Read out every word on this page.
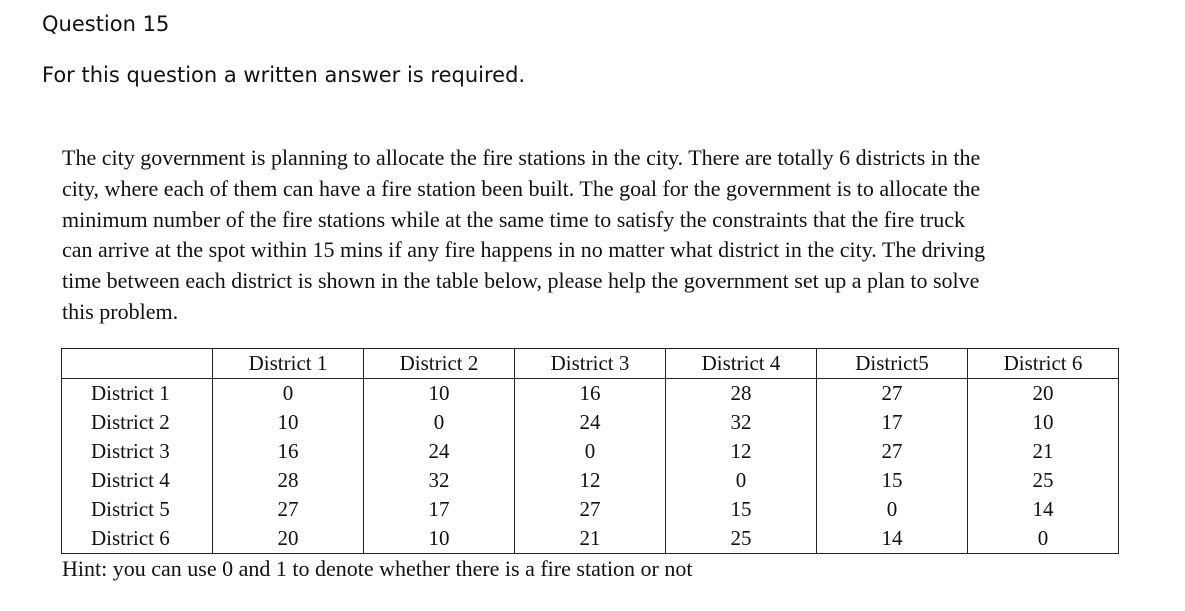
Question 15
For this question a written answer is required.

The city government is planning to allocate the fire stations in the city. There are totally 6 districts in the
city, where each of them can have a fire station been built. The goal for the government is to allocate the
minimum number of the fire stations while at the same time to satisfy the constraints that the fire truck
can arrive at the spot within 15 mins if any fire happens in no matter what district in the city. The driving
time between each district is shown in the table below, please help the government set up a plan to solve
this problem.

	District 1	District 2	District 3	District 4	District5	District 6
District 1	0	10	16	28	27	20
District 2	10	0	24	32	17	10
District 3	16	24	0	12	27	21
District 4	28	32	12	0	15	25
District 5	27	17	27	15	0	14
District 6	20	10	21	25	14	0
Hint: you can use 0 and 1 to denote whether there is a fire station or not
